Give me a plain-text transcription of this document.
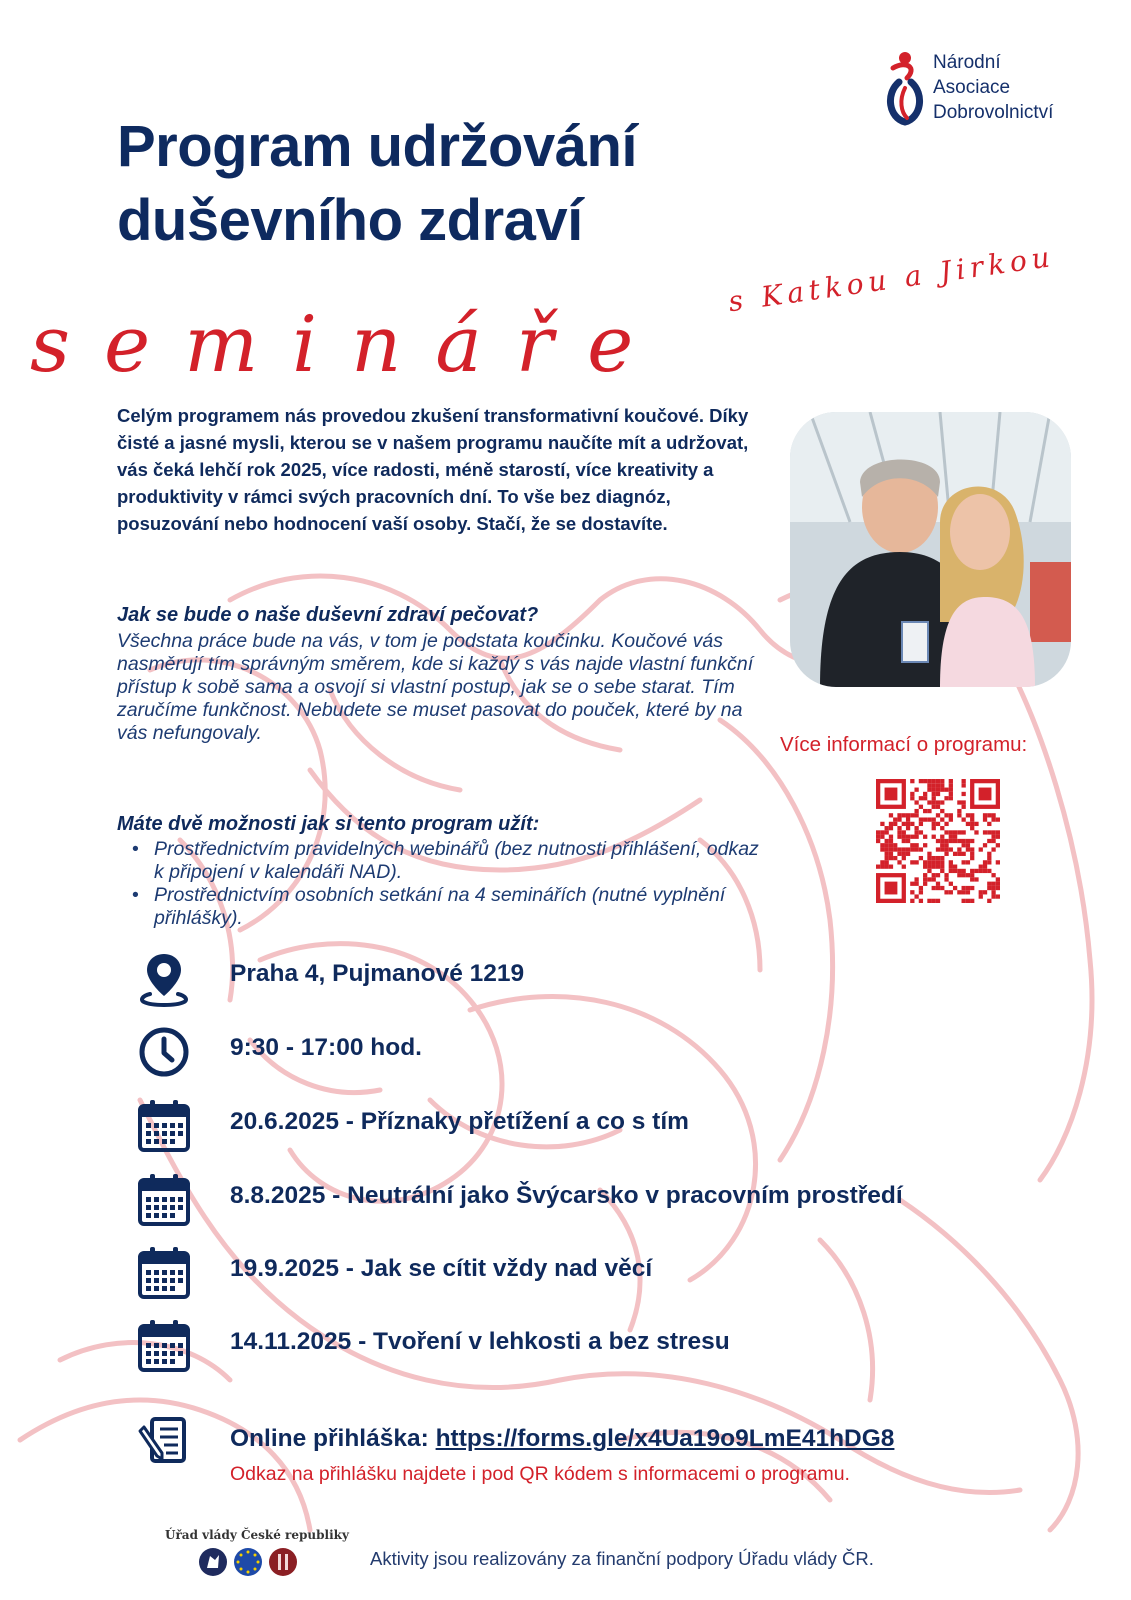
Národní
Asociace
Dobrovolnictví
Program udržování
duševního zdraví
semináře
s Katkou a Jirkou
Celým programem nás provedou zkušení transformativní koučové. Díky čisté a jasné mysli, kterou se v našem programu naučíte mít a udržovat, vás čeká lehčí rok 2025, více radosti, méně starostí, více kreativity a produktivity v rámci svých pracovních dní. To vše bez diagnóz, posuzování nebo hodnocení vaší osoby. Stačí, že se dostavíte.
Jak se bude o naše duševní zdraví pečovat?
Všechna práce bude na vás, v tom je podstata koučinku. Koučové vás nasměrují tím správným směrem, kde si každý s vás najde vlastní funkční přístup k sobě sama a osvojí si vlastní postup, jak se o sebe starat. Tím zaručíme funkčnost. Nebudete se muset pasovat do pouček, které by na vás nefungovaly.	Více informací o programu:
Máte dvě možnosti jak si tento program užít:
• Prostřednictvím pravidelných webinářů (bez nutnosti přihlášení, odkaz k připojení v kalendáři NAD).
• Prostřednictvím osobních setkání na 4 seminářích (nutné vyplnění přihlášky).
Praha 4, Pujmanové 1219
9:30 - 17:00 hod.
20.6.2025 - Příznaky přetížení a co s tím
8.8.2025 - Neutrální jako Švýcarsko v pracovním prostředí
19.9.2025 - Jak se cítit vždy nad věcí
14.11.2025 - Tvoření v lehkosti a bez stresu
Online přihláška: https://forms.gle/x4Ua19o9LmE41hDG8
Odkaz na přihlášku najdete i pod QR kódem s informacemi o programu.
Úřad vlády České republiky
Aktivity jsou realizovány za finanční podpory Úřadu vlády ČR.
